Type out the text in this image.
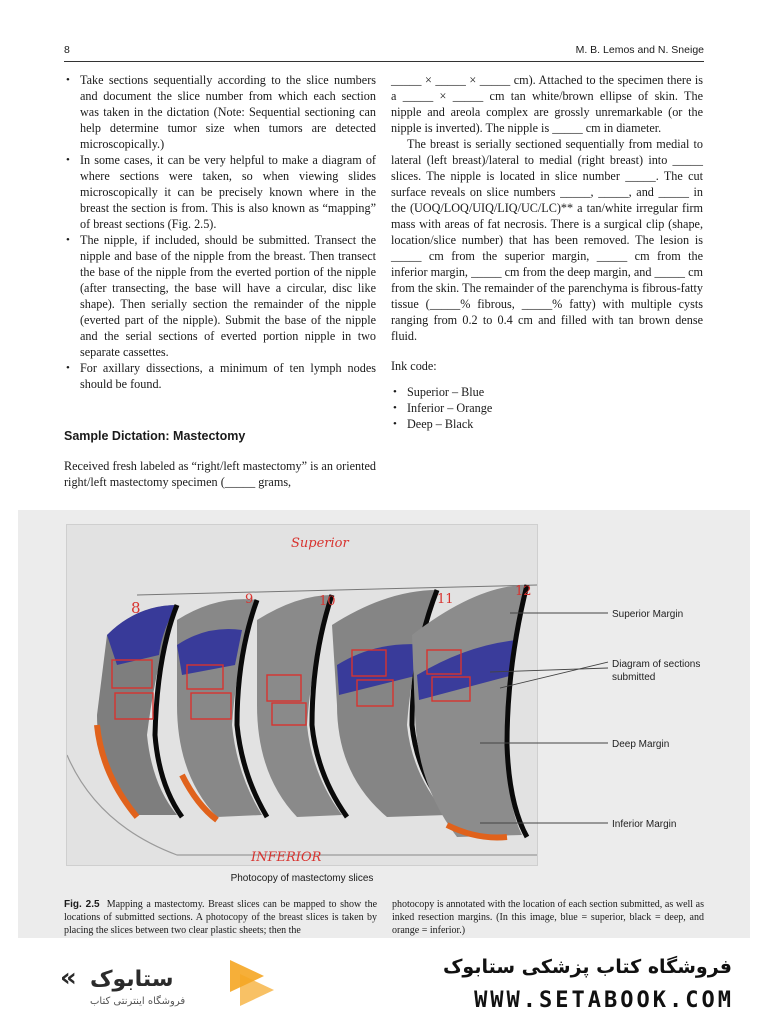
8	M. B. Lemos and N. Sneige
• Take sections sequentially according to the slice numbers and document the slice number from which each section was taken in the dictation (Note: Sequential sectioning can help determine tumor size when tumors are detected microscopically.)
• In some cases, it can be very helpful to make a diagram of where sections were taken, so when viewing slides microscopically it can be precisely known where in the breast the section is from. This is also known as “mapping” of breast sections (Fig. 2.5).
• The nipple, if included, should be submitted. Transect the nipple and base of the nipple from the breast. Then transect the base of the nipple from the everted portion of the nipple (after transecting, the base will have a circular, disc like shape). Then serially section the remainder of the nipple (everted part of the nipple). Submit the base of the nipple and the serial sections of everted portion nipple in two separate cassettes.
• For axillary dissections, a minimum of ten lymph nodes should be found.
Sample Dictation: Mastectomy

Received fresh labeled as “right/left mastectomy” is an oriented right/left mastectomy specimen (_____ grams,

_____ × _____ × _____ cm). Attached to the specimen there is a _____ × _____ cm tan white/brown ellipse of skin. The nipple and areola complex are grossly unremarkable (or the nipple is inverted). The nipple is _____ cm in diameter.

The breast is serially sectioned sequentially from medial to lateral (left breast)/lateral to medial (right breast) into _____ slices. The nipple is located in slice number _____. The cut surface reveals on slice numbers _____, _____, and _____ in the (UOQ/LOQ/UIQ/LIQ/UC/LC)** a tan/white irregular firm mass with areas of fat necrosis. There is a surgical clip (shape, location/slice number) that has been removed. The lesion is _____ cm from the superior margin, _____ cm from the inferior margin, _____ cm from the deep margin, and _____ cm from the skin. The remainder of the parenchyma is fibrous-fatty tissue (_____% fibrous, _____% fatty) with multiple cysts ranging from 0.2 to 0.4 cm and filled with tan brown dense fluid.

Ink code:

• Superior – Blue
• Inferior – Orange
• Deep – Black
Superior
INFERIOR
8	9	10	11
12
Photocopy of mastectomy slices
Superior Margin
Diagram of sections submitted
Deep Margin
Inferior Margin
Fig. 2.5 Mapping a mastectomy. Breast slices can be mapped to show the locations of submitted sections. A photocopy of the breast slices is taken by placing the slices between two clear plastic sheets; then the
photocopy is annotated with the location of each section submitted, as well as inked resection margins. (In this image, blue = superior, black = deep, and orange = inferior.)
« ستابوک
فروشگاه اینترنتی کتاب
فروشگاه کتاب پزشکی ستابوک
WWW.SETABOOK.COM
